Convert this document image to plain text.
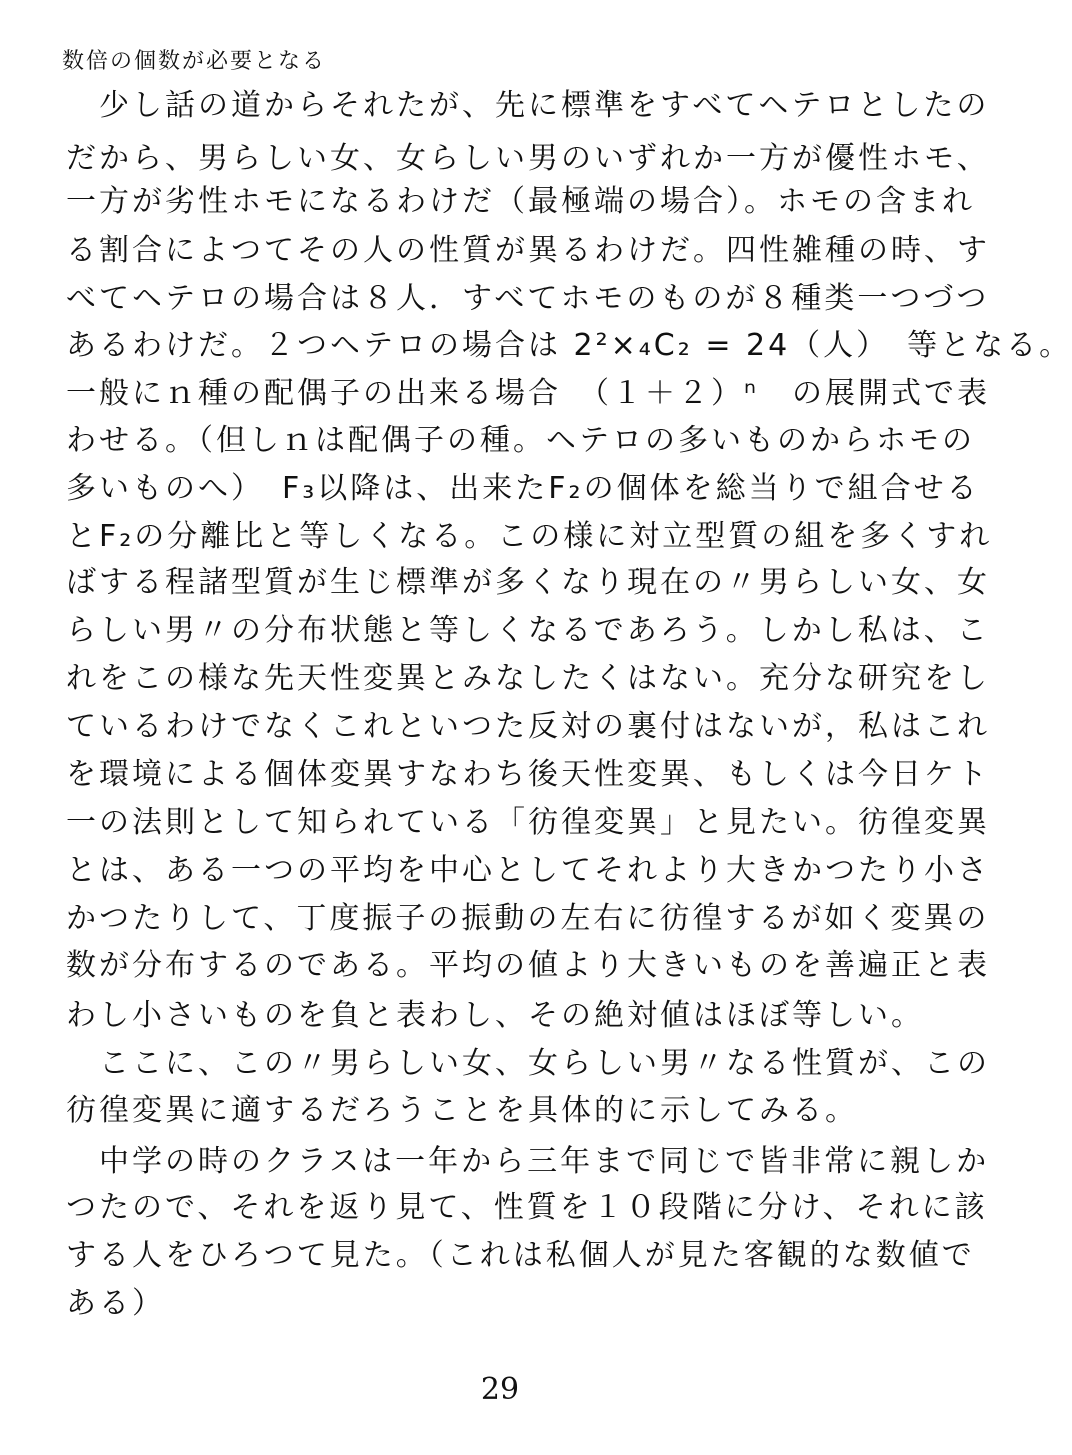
数倍の個数が必要となる
　少し話の道からそれたが、先に標準をすべてヘテロとしたの
だから、男らしい女、女らしい男のいずれか一方が優性ホモ、
一方が劣性ホモになるわけだ（最極端の場合）。ホモの含まれ
る割合によつてその人の性質が異るわけだ。四性雑種の時、す
べてヘテロの場合は８人．すべてホモのものが８種类一つづつ
あるわけだ。２つヘテロの場合は 2²×₄C₂ = 24（人）　等となる。
一般にｎ種の配偶子の出来る場合　（１＋２）ⁿ　の展開式で表
わせる。（但しｎは配偶子の種。ヘテロの多いものからホモの
多いものへ）　F₃以降は、出来たF₂の個体を総当りで組合せる
とF₂の分離比と等しくなる。この様に対立型質の組を多くすれ
ばする程諸型質が生じ標準が多くなり現在の〃男らしい女、女
らしい男〃の分布状態と等しくなるであろう。しかし私は、こ
れをこの様な先天性変異とみなしたくはない。充分な研究をし
ているわけでなくこれといつた反対の裏付はないが，私はこれ
を環境による個体変異すなわち後天性変異、もしくは今日ケト
一の法則として知られている「彷徨変異」と見たい。彷徨変異
とは、ある一つの平均を中心としてそれより大きかつたり小さ
かつたりして、丁度振子の振動の左右に彷徨するが如く変異の
数が分布するのである。平均の値より大きいものを善遍正と表
わし小さいものを負と表わし、その絶対値はほぼ等しい。
　ここに、この〃男らしい女、女らしい男〃なる性質が、この
彷徨変異に適するだろうことを具体的に示してみる。
　中学の時のクラスは一年から三年まで同じで皆非常に親しか
つたので、それを返り見て、性質を１０段階に分け、それに該
する人をひろつて見た。（これは私個人が見た客観的な数値で
ある）
29
